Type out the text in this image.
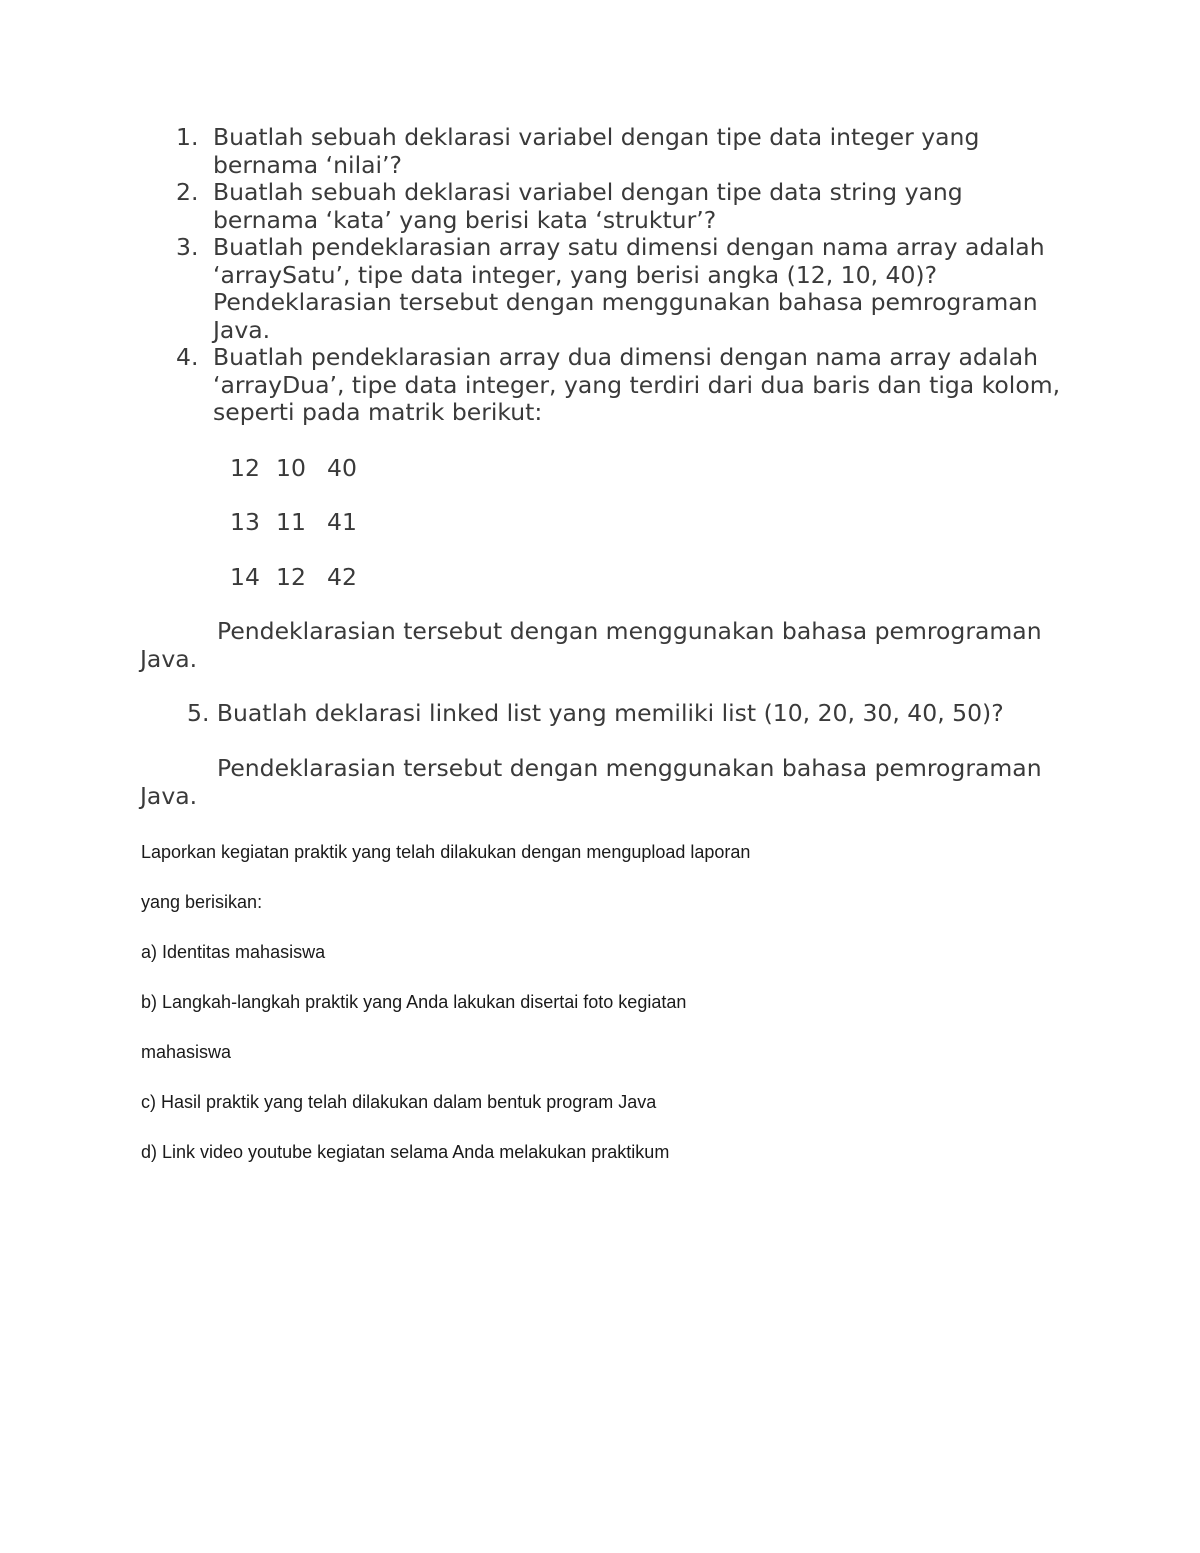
1. Buatlah sebuah deklarasi variabel dengan tipe data integer yang bernama ‘nilai’?
2. Buatlah sebuah deklarasi variabel dengan tipe data string yang bernama ‘kata’ yang berisi kata ‘struktur’?
3. Buatlah pendeklarasian array satu dimensi dengan nama array adalah ‘arraySatu’, tipe data integer, yang berisi angka (12, 10, 40)? Pendeklarasian tersebut dengan menggunakan bahasa pemrograman Java.
4. Buatlah pendeklarasian array dua dimensi dengan nama array adalah ‘arrayDua’, tipe data integer, yang terdiri dari dua baris dan tiga kolom, seperti pada matrik berikut:

12

10

40

13

11

41

14

12

42

Pendeklarasian tersebut dengan menggunakan bahasa pemrograman Java.
5. Buatlah deklarasi linked list yang memiliki list (10, 20, 30, 40, 50)?
Pendeklarasian tersebut dengan menggunakan bahasa pemrograman Java.
Laporkan kegiatan praktik yang telah dilakukan dengan mengupload laporan
yang berisikan:
a) Identitas mahasiswa
b) Langkah-langkah praktik yang Anda lakukan disertai foto kegiatan
mahasiswa
c) Hasil praktik yang telah dilakukan dalam bentuk program Java
d) Link video youtube kegiatan selama Anda melakukan praktikum
